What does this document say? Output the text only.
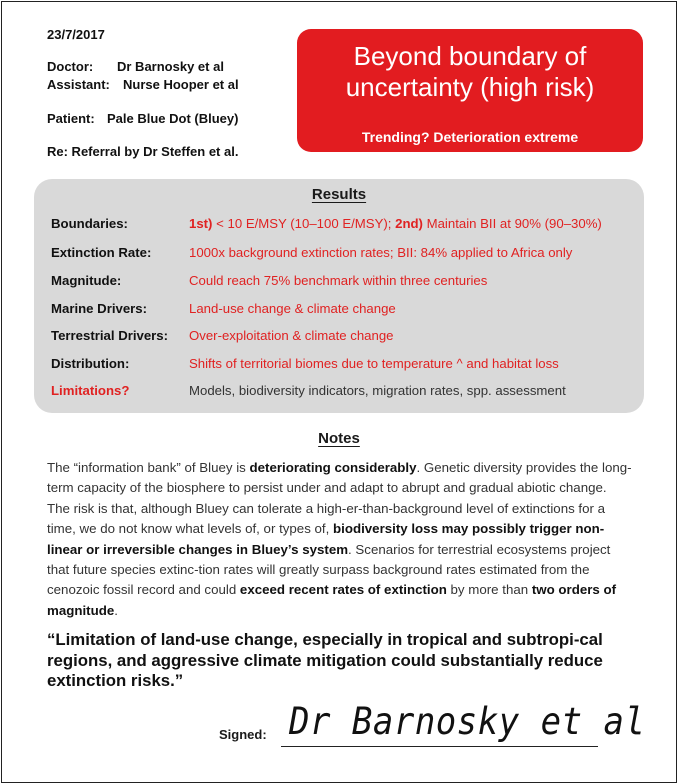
23/7/2017
Doctor: Dr Barnosky et al
Assistant: Nurse Hooper et al
Patient: Pale Blue Dot (Bluey)
Re: Referral by Dr Steffen et al.
Beyond boundary of
uncertainty (high risk)
Trending? Deterioration extreme
Results
Boundaries:	1st) < 10 E/MSY (10–100 E/MSY); 2nd) Maintain BII at 90% (90–30%)
Extinction Rate:	1000x background extinction rates; BII: 84% applied to Africa only
Magnitude:	Could reach 75% benchmark within three centuries
Marine Drivers:	Land-use change & climate change
Terrestrial Drivers: Over-exploitation & climate change
Distribution:	Shifts of territorial biomes due to temperature ^ and habitat loss
Limitations?	Models, biodiversity indicators, migration rates, spp. assessment
Notes
The “information bank” of Bluey is deteriorating considerably. Genetic diversity provides the long-term capacity of the biosphere to persist under and adapt to abrupt and gradual abiotic change. The risk is that, although Bluey can tolerate a high-er-than-background level of extinctions for a time, we do not know what levels of, or types of, biodiversity loss may possibly trigger non-linear or irreversible changes in Bluey’s system. Scenarios for terrestrial ecosystems project that future species extinc-tion rates will greatly surpass background rates estimated from the cenozoic fossil record and could exceed recent rates of extinction by more than two orders of magnitude.
“Limitation of land-use change, especially in tropical and subtropi-cal regions, and aggressive climate mitigation could substantially reduce extinction risks.”
Signed: Dr Barnosky et al
